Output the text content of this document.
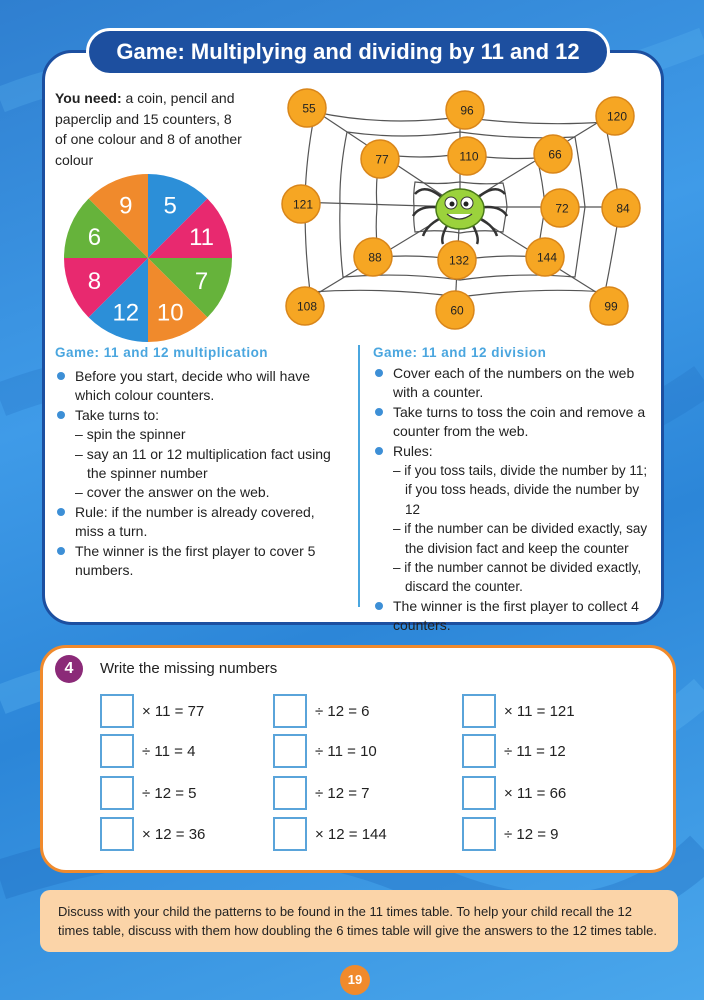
Game: Multiplying and dividing by 11 and 12
You need: a coin, pencil and paperclip and 15 counters, 8 of one colour and 8 of another colour
9 5
11
7
10
12
8
6
55	96	120
77	110	66
121	72	84
88	132	144
108	60	99
Game: 11 and 12 multiplication
Before you start, decide who will have which colour counters.
Take turns to:
– spin the spinner
– say an 11 or 12 multiplication fact using the spinner number
– cover the answer on the web.
Rule: if the number is already covered, miss a turn.
The winner is the first player to cover 5 numbers.
Game: 11 and 12 division
Cover each of the numbers on the web with a counter.
Take turns to toss the coin and remove a counter from the web.
Rules:
– if you toss tails, divide the number by 11; if you toss heads, divide the number by 12
– if the number can be divided exactly, say the division fact and keep the counter
– if the number cannot be divided exactly, discard the counter.
The winner is the first player to collect 4 counters.
4	Write the missing numbers
× 11 = 77	÷ 12 = 6	× 11 = 121
÷ 11 = 4	÷ 11 = 10	÷ 11 = 12
÷ 12 = 5	÷ 12 = 7	× 11 = 66
× 12 = 36	× 12 = 144	÷ 12 = 9
Discuss with your child the patterns to be found in the 11 times table. To help your child recall the 12 times table, discuss with them how doubling the 6 times table will give the answers to the 12 times table.
19
